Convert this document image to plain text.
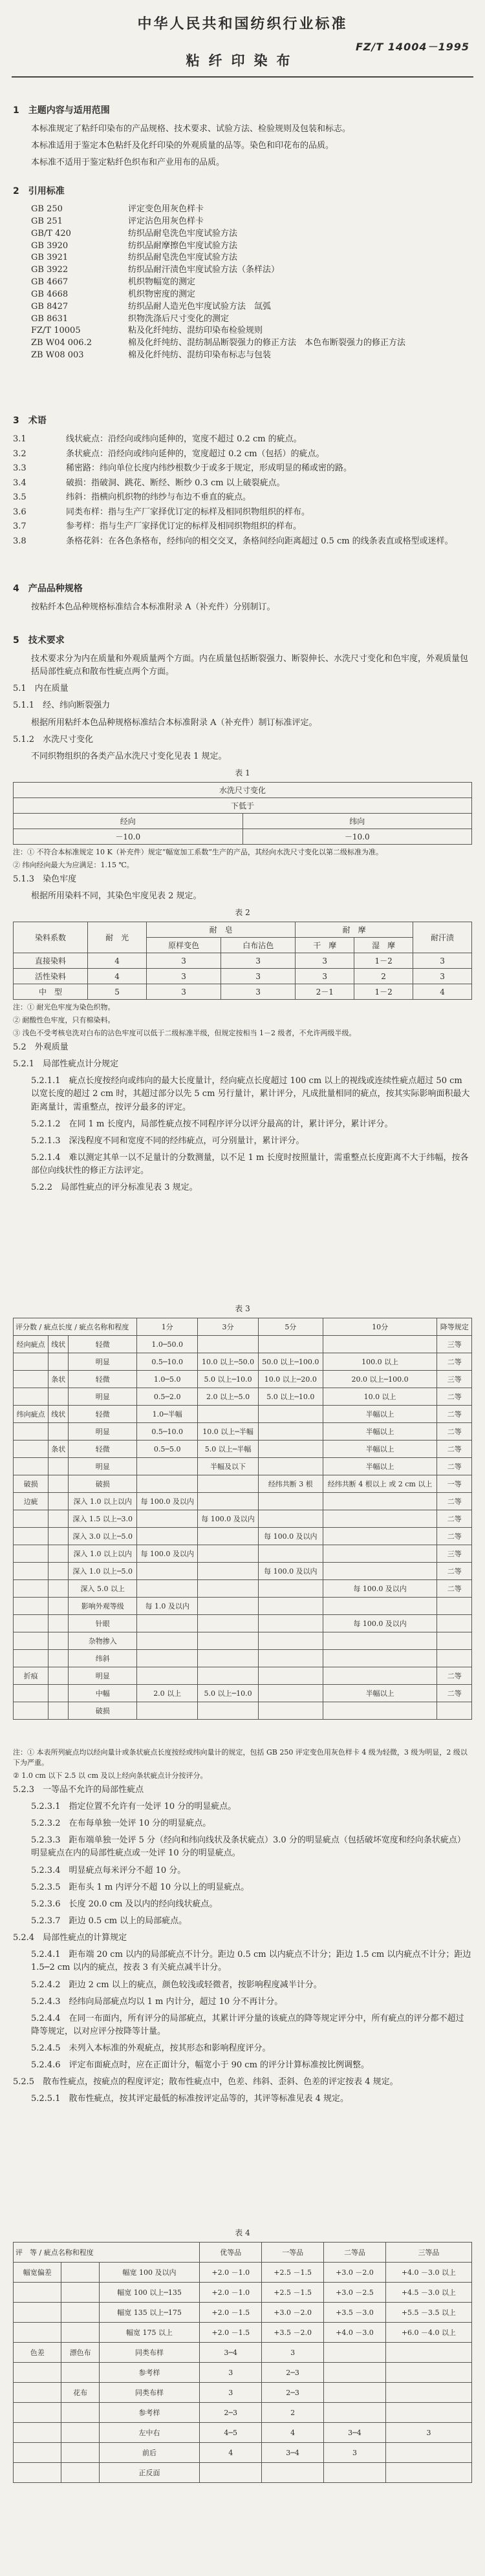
中华人民共和国纺织行业标准
FZ/T 14004－1995
粘纤印染布
1　主题内容与适用范围

本标准规定了粘纤印染布的产品规格、技术要求、试验方法、检验规则及包装和标志。

本标准适用于鉴定本色粘纤及化纤印染的外观质量的品等。染色和印花布的品质。

本标准不适用于鉴定粘纤色织布和产业用布的品质。

2　引用标准
GB 250	评定变色用灰色样卡
GB 251	评定沾色用灰色样卡
GB/T 420	纺织品耐皂洗色牢度试验方法
GB 3920	纺织品耐摩擦色牢度试验方法
GB 3921	纺织品耐皂洗色牢度试验方法
GB 3922	纺织品耐汗渍色牢度试验方法（条样法）
GB 4667	机织物幅宽的测定
GB 4668	机织物密度的测定
GB 8427	纺织品耐人造光色牢度试验方法　氙弧
GB 8631	织物洗涤后尺寸变化的测定
FZ/T 10005	粘及化纤纯纺、混纺印染布检验规则
ZB W04 006.2	棉及化纤纯纺、混纺制品断裂强力的修正方法　本色布断裂强力的修正方法
ZB W08 003	棉及化纤纯纺、混纺印染布标志与包装
3　术语
3.1	线状疵点：沿经向或纬向延伸的，宽度不超过 0.2 cm 的疵点。
3.2	条状疵点：沿经向或纬向延伸的，宽度超过 0.2 cm（包括）的疵点。
3.3	稀密路：纬向单位长度内纬纱根数少于或多于规定，形成明显的稀或密的路。
3.4	破损：指破洞、跳花、断经、断纱 0.3 cm 以上破裂疵点。
3.5	纬斜：指横向机织物的纬纱与布边不垂直的疵点。
3.6	同类布样：指与生产厂家择优订定的标样及相同织物组织的样布。
3.7	参考样：指与生产厂家择优订定的标样及相同织物组织的样布。
3.8	条格花斜：在各色条格布，经纬向的相交交叉，条格间经向距离超过 0.5 cm 的线条表直或格型或迷样。
4　产品品种规格

按粘纤本色品种规格标准结合本标准附录 A（补充件）分别制订。

5　技术要求

技术要求分为内在质量和外观质量两个方面。内在质量包括断裂强力、断裂伸长、水洗尺寸变化和色牢度，外观质量包括局部性疵点和散布性疵点两个方面。

5.1　内在质量

5.1.1　经、纬向断裂强力

根据所用粘纤本色品种规格标准结合本标准附录 A（补充件）制订标准评定。

5.1.2　水洗尺寸变化

不同织物组织的各类产品水洗尺寸变化见表 1 规定。

表 1
水洗尺寸变化	
下低于	
经向	纬向
－10.0	－10.0
注：① 不符合本标准规定 10 K（补充件）规定“幅宽加工系数”生产的产品，其经向水洗尺寸变化以第二级标准为准。
② 纬向经向最大为应满足：1.15 ℃。

5.1.3　染色牢度

根据所用染料不同，其染色牢度见表 2 规定。

表 2
染料系数	耐　光	耐　皂		耐　摩		耐汗渍
		原样变色	白布沾色	干　摩	湿　摩	
直接染料	4	3	3	3	1－2	3
活性染料	4	3	3	3	2	3
中　型	5	3	3	2－1	1－2	4
注：① 耐光色牢度为染色织物。
② 耐酸性色牢度，只有棉染料。
③ 浅色不受考核皂洗对白布的沾色牢度可以低于二级标准半级，但规定按相当 1－2 级者，不允许两级半级。

5.2　外观质量

5.2.1　局部性疵点计分规定

5.2.1.1　疵点长度按经向或纬向的最大长度量计，经向疵点长度超过 100 cm 以上的视线或连续性疵点超过 50 cm 以宽长度的超过 2 cm 时，其超过部分以先 5 cm 另行量计，累计评分，凡成批量相同的疵点，按其实际影响面积最大距离量计，需重整点，按评分最多的评定。

5.2.1.2　在同 1 m 长度内，局部性疵点按不同程序评分以评分最高的计，累计评分，累计评分。

5.2.1.3　深浅程度不同和宽度不同的经纬疵点，可分别量计，累计评分。

5.2.1.4　难以测定其单一以不足量计的分数测量，以不足 1 m 长度时按照量计，需重整点长度距离不大于纬幅，按各部位向线状性的修正方法评定。

5.2.2　局部性疵点的评分标准见表 3 规定。

表 3
评分数 / 疵点长度 / 疵点名称和程度			1分	3分	5分	10分	降等规定
经向疵点	线状	轻微	1.0─50.0				三等
		明显	0.5─10.0	10.0 以上─50.0	50.0 以上─100.0	100.0 以上	二等
	条状	轻微	1.0─5.0	5.0 以上─10.0	10.0 以上─20.0	20.0 以上─100.0	三等
		明显	0.5─2.0	2.0 以上─5.0	5.0 以上─10.0	10.0 以上	二等
纬向疵点	线状	轻微	1.0─半幅			半幅以上	二等
		明显	0.5─10.0	10.0 以上─半幅		半幅以上	二等
	条状	轻微	0.5─5.0	5.0 以上─半幅		半幅以上	二等
		明显		半幅及以下		半幅以上	二等
破损		破损			经纬共断 3 根	经纬共断 4 根以上 或 2 cm 以上	一等
边疵		深入 1.0 以上以内	每 100.0 及以内				二等
		深入 1.5 以上─3.0		每 100.0 及以内			二等
		深入 3.0 以上─5.0			每 100.0 及以内		二等
		深入 1.0 以上以内	每 100.0 及以内				三等
		深入 1.0 以上─5.0			每 100.0 及以内		二等
		深入 5.0 以上				每 100.0 及以内	二等
		影响外观等级	每 1.0 及以内				
		针眼				每 100.0 及以内	
		杂物掺入					
		纬斜					
折痕		明显					二等
		中幅	2.0 以上	5.0 以上─10.0		半幅以上	二等
		破损					
注：① 本表所列疵点均以经向量计或条状疵点长度按经或纬向量计的规定，包括 GB 250 评定变色用灰色样卡 4 级为轻微，3 级为明显，2 级以下为严重。
② 1.0 cm 以下 2.5 以 cm 及以上经向条状疵点计分按评分。

5.2.3　一等品不允许的局部性疵点

5.2.3.1　指定位置不允许有一处评 10 分的明显疵点。

5.2.3.2　在布每单独一处评 10 分的明显疵点。

5.2.3.3　距布端单独一处评 5 分（经向和纬向线状及条状疵点）3.0 分的明显疵点（包括破坏宽度和经向条状疵点）明显疵点在内的局部性疵点或一处评 10 分的明显疵点。

5.2.3.4　明显疵点每米评分不超 10 分。

5.2.3.5　距布头 1 m 内评分不超 10 分以上的明显疵点。

5.2.3.6　长度 20.0 cm 及以内的经向线状疵点。

5.2.3.7　距边 0.5 cm 以上的局部疵点。

5.2.4　局部性疵点的计算规定

5.2.4.1　距布端 20 cm 以内的局部疵点不计分。距边 0.5 cm 以内疵点不计分；距边 1.5 cm 以内疵点不计分；距边 1.5─2 cm 以内的疵点，按表 3 有关疵点减半计分。

5.2.4.2　距边 2 cm 以上的疵点，颜色较浅或轻微者，按影响程度减半计分。

5.2.4.3　经纬向局部疵点均以 1 m 内计分，超过 10 分不再计分。

5.2.4.4　在同一布面内，所有评分的局部疵点，其累计评分量的该疵点的降等规定评分中，所有疵点的评分都不超过降等规定，以对应评分按降等计量。

5.2.4.5　未列入本标准的外观疵点，按其形态和影响程度评分。

5.2.4.6　评定布面疵点时，应在正面计分，幅宽小于 90 cm 的评分计算标准按比例调整。

5.2.5　散布性疵点，按疵点的程度评定；散布性疵点中，色差、纬斜、歪斜、色差的评定按表 4 规定。

5.2.5.1　散布性疵点，按其评定最低的标准按评定品等的，其评等标准见表 4 规定。

表 4
评　等 / 疵点名称和程度			优等品	一等品	二等品	三等品
幅宽偏差		幅宽 100 及以内	+2.0 －1.0	+2.5 －1.5	+3.0 －2.0	+4.0 －3.0 以上
		幅宽 100 以上─135	+2.0 －1.0	+2.5 －1.5	+3.0 －2.5	+4.5 －3.0 以上
		幅宽 135 以上─175	+2.0 －1.5	+3.0 －2.0	+3.5 －3.0	+5.5 －3.5 以上
		幅宽 175 以上	+2.0 －1.5	+3.5 －2.0	+4.0 －3.0	+6.0 －4.0 以上
色差	漂色布	同类布样	3─4	3		
		参考样	3	2─3		
	花布	同类布样	3	2─3		
		参考样	2─3	2		
		左中右	4─5	4	3─4	3
		前后	4	3─4	3	
		正反面				
